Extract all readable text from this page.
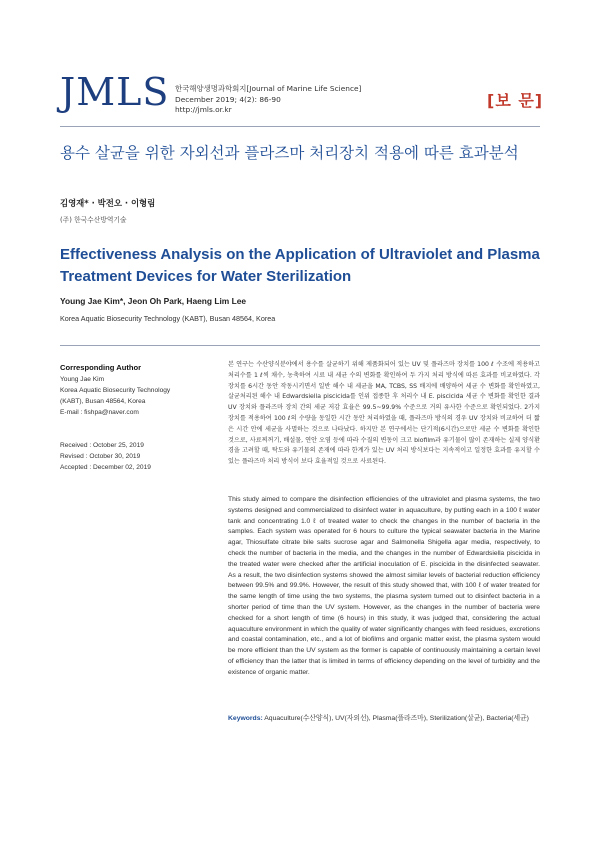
JMLS 한국해양생명과학회지[Journal of Marine Life Science]
December 2019; 4(2): 86-90
http://jmls.or.kr	[보 문]
용수 살균을 위한 자외선과 플라즈마 처리장치 적용에 따른 효과분석
김영재* · 박전오 · 이형림
(주) 한국수산방역기술
Effectiveness Analysis on the Application of Ultraviolet and Plasma Treatment Devices for Water Sterilization
Young Jae Kim*, Jeon Oh Park, Haeng Lim Lee
Korea Aquatic Biosecurity Technology (KABT), Busan 48564, Korea
Corresponding Author
Young Jae Kim
Korea Aquatic Biosecurity Technology
(KABT), Busan 48564, Korea
E-mail : fishpa@naver.com
Received : October 25, 2019
Revised : October 30, 2019
Accepted : December 02, 2019
본 연구는 수산양식분야에서 용수를 살균하기 위해 제품화되어 있는 UV 및 플라즈마 장치를 100 ℓ 수조에 적용하고 처리수를 1 ℓ씩 채수, 농축하여 시료 내 세균 수의 변화를 확인하여 두 가지 처리 방식에 따른 효과를 비교하였다. 각 장치를 6시간 동안 작동시키면서 일반 해수 내 세균을 MA, TCBS, SS 배지에 배양하여 세균 수 변화를 확인하였고, 살균처리된 해수 내 Edwardsiella piscicida를 인위 접종한 후 처리수 내 E. piscicida 세균 수 변화를 확인한 결과 UV 장치와 플라즈마 장치 간의 세균 저감 효율은 99.5~99.9% 수준으로 거의 유사한 수준으로 확인되었다. 2가지 장치를 적용하여 100 ℓ의 수량을 동일한 시간 동안 처리하였을 때, 플라즈마 방식의 경우 UV 장치와 비교하여 더 짧은 시간 안에 세균을 사멸하는 것으로 나타났다. 하지만 본 연구에서는 단기적(6시간)으로만 세균 수 변화를 확인한 것으로, 사료찌꺼기, 배설물, 연안 오염 등에 따라 수질의 변동이 크고 biofilm과 유기물이 많이 존재하는 실제 양식환경을 고려할 때, 탁도와 유기물의 존재에 따라 한계가 있는 UV 처리 방식보다는 지속적이고 일정한 효과를 유지할 수 있는 플라즈마 처리 방식이 보다 효율적일 것으로 사료된다.
This study aimed to compare the disinfection efficiencies of the ultraviolet and plasma systems, the two systems designed and commercialized to disinfect water in aquaculture, by putting each in a 100 ℓ water tank and concentrating 1.0 ℓ of treated water to check the changes in the number of bacteria in the samples. Each system was operated for 6 hours to culture the typical seawater bacteria in the Marine agar, Thiosulfate citrate bile salts sucrose agar and Salmonella Shigella agar media, respectively, to check the number of bacteria in the media, and the changes in the number of Edwardsiella piscicida in the treated water were checked after the artificial inoculation of E. piscicida in the disinfected seawater. As a result, the two disinfection systems showed the almost similar levels of bacterial reduction efficiency between 99.5% and 99.9%. However, the result of this study showed that, with 100 ℓ of water treated for the same length of time using the two systems, the plasma system turned out to disinfect bacteria in a shorter period of time than the UV system. However, as the changes in the number of bacteria were checked for a short length of time (6 hours) in this study, it was judged that, considering the actual aquaculture environment in which the quality of water significantly changes with feed residues, excretions and coastal contamination, etc., and a lot of biofilms and organic matter exist, the plasma system would be more efficient than the UV system as the former is capable of continuously maintaining a certain level of efficiency than the latter that is limited in terms of efficiency depending on the level of turbidity and the existence of organic matter.
Keywords: Aquaculture(수산양식), UV(자외선), Plasma(플라즈마), Sterilization(살균), Bacteria(세균)
